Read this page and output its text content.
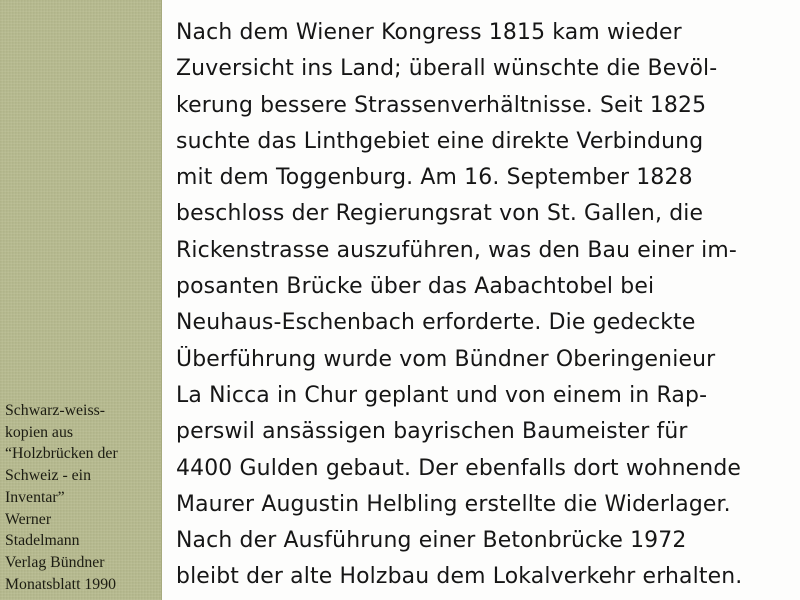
Schwarz-weiss-
kopien aus
“Holzbrücken der
Schweiz - ein
Inventar”
Werner
Stadelmann
Verlag Bündner
Monatsblatt 1990
Nach dem Wiener Kongress 1815 kam wieder
Zuversicht ins Land; überall wünschte die Bevöl-
kerung bessere Strassenverhältnisse. Seit 1825
suchte das Linthgebiet eine direkte Verbindung
mit dem Toggenburg. Am 16. September 1828
beschloss der Regierungsrat von St. Gallen, die
Rickenstrasse auszuführen, was den Bau einer im-
posanten Brücke über das Aabachtobel bei
Neuhaus-Eschenbach erforderte. Die gedeckte
Überführung wurde vom Bündner Oberingenieur
La Nicca in Chur geplant und von einem in Rap-
perswil ansässigen bayrischen Baumeister für
4400 Gulden gebaut. Der ebenfalls dort wohnende
Maurer Augustin Helbling erstellte die Widerlager.
Nach der Ausführung einer Betonbrücke 1972
bleibt der alte Holzbau dem Lokalverkehr erhalten.
